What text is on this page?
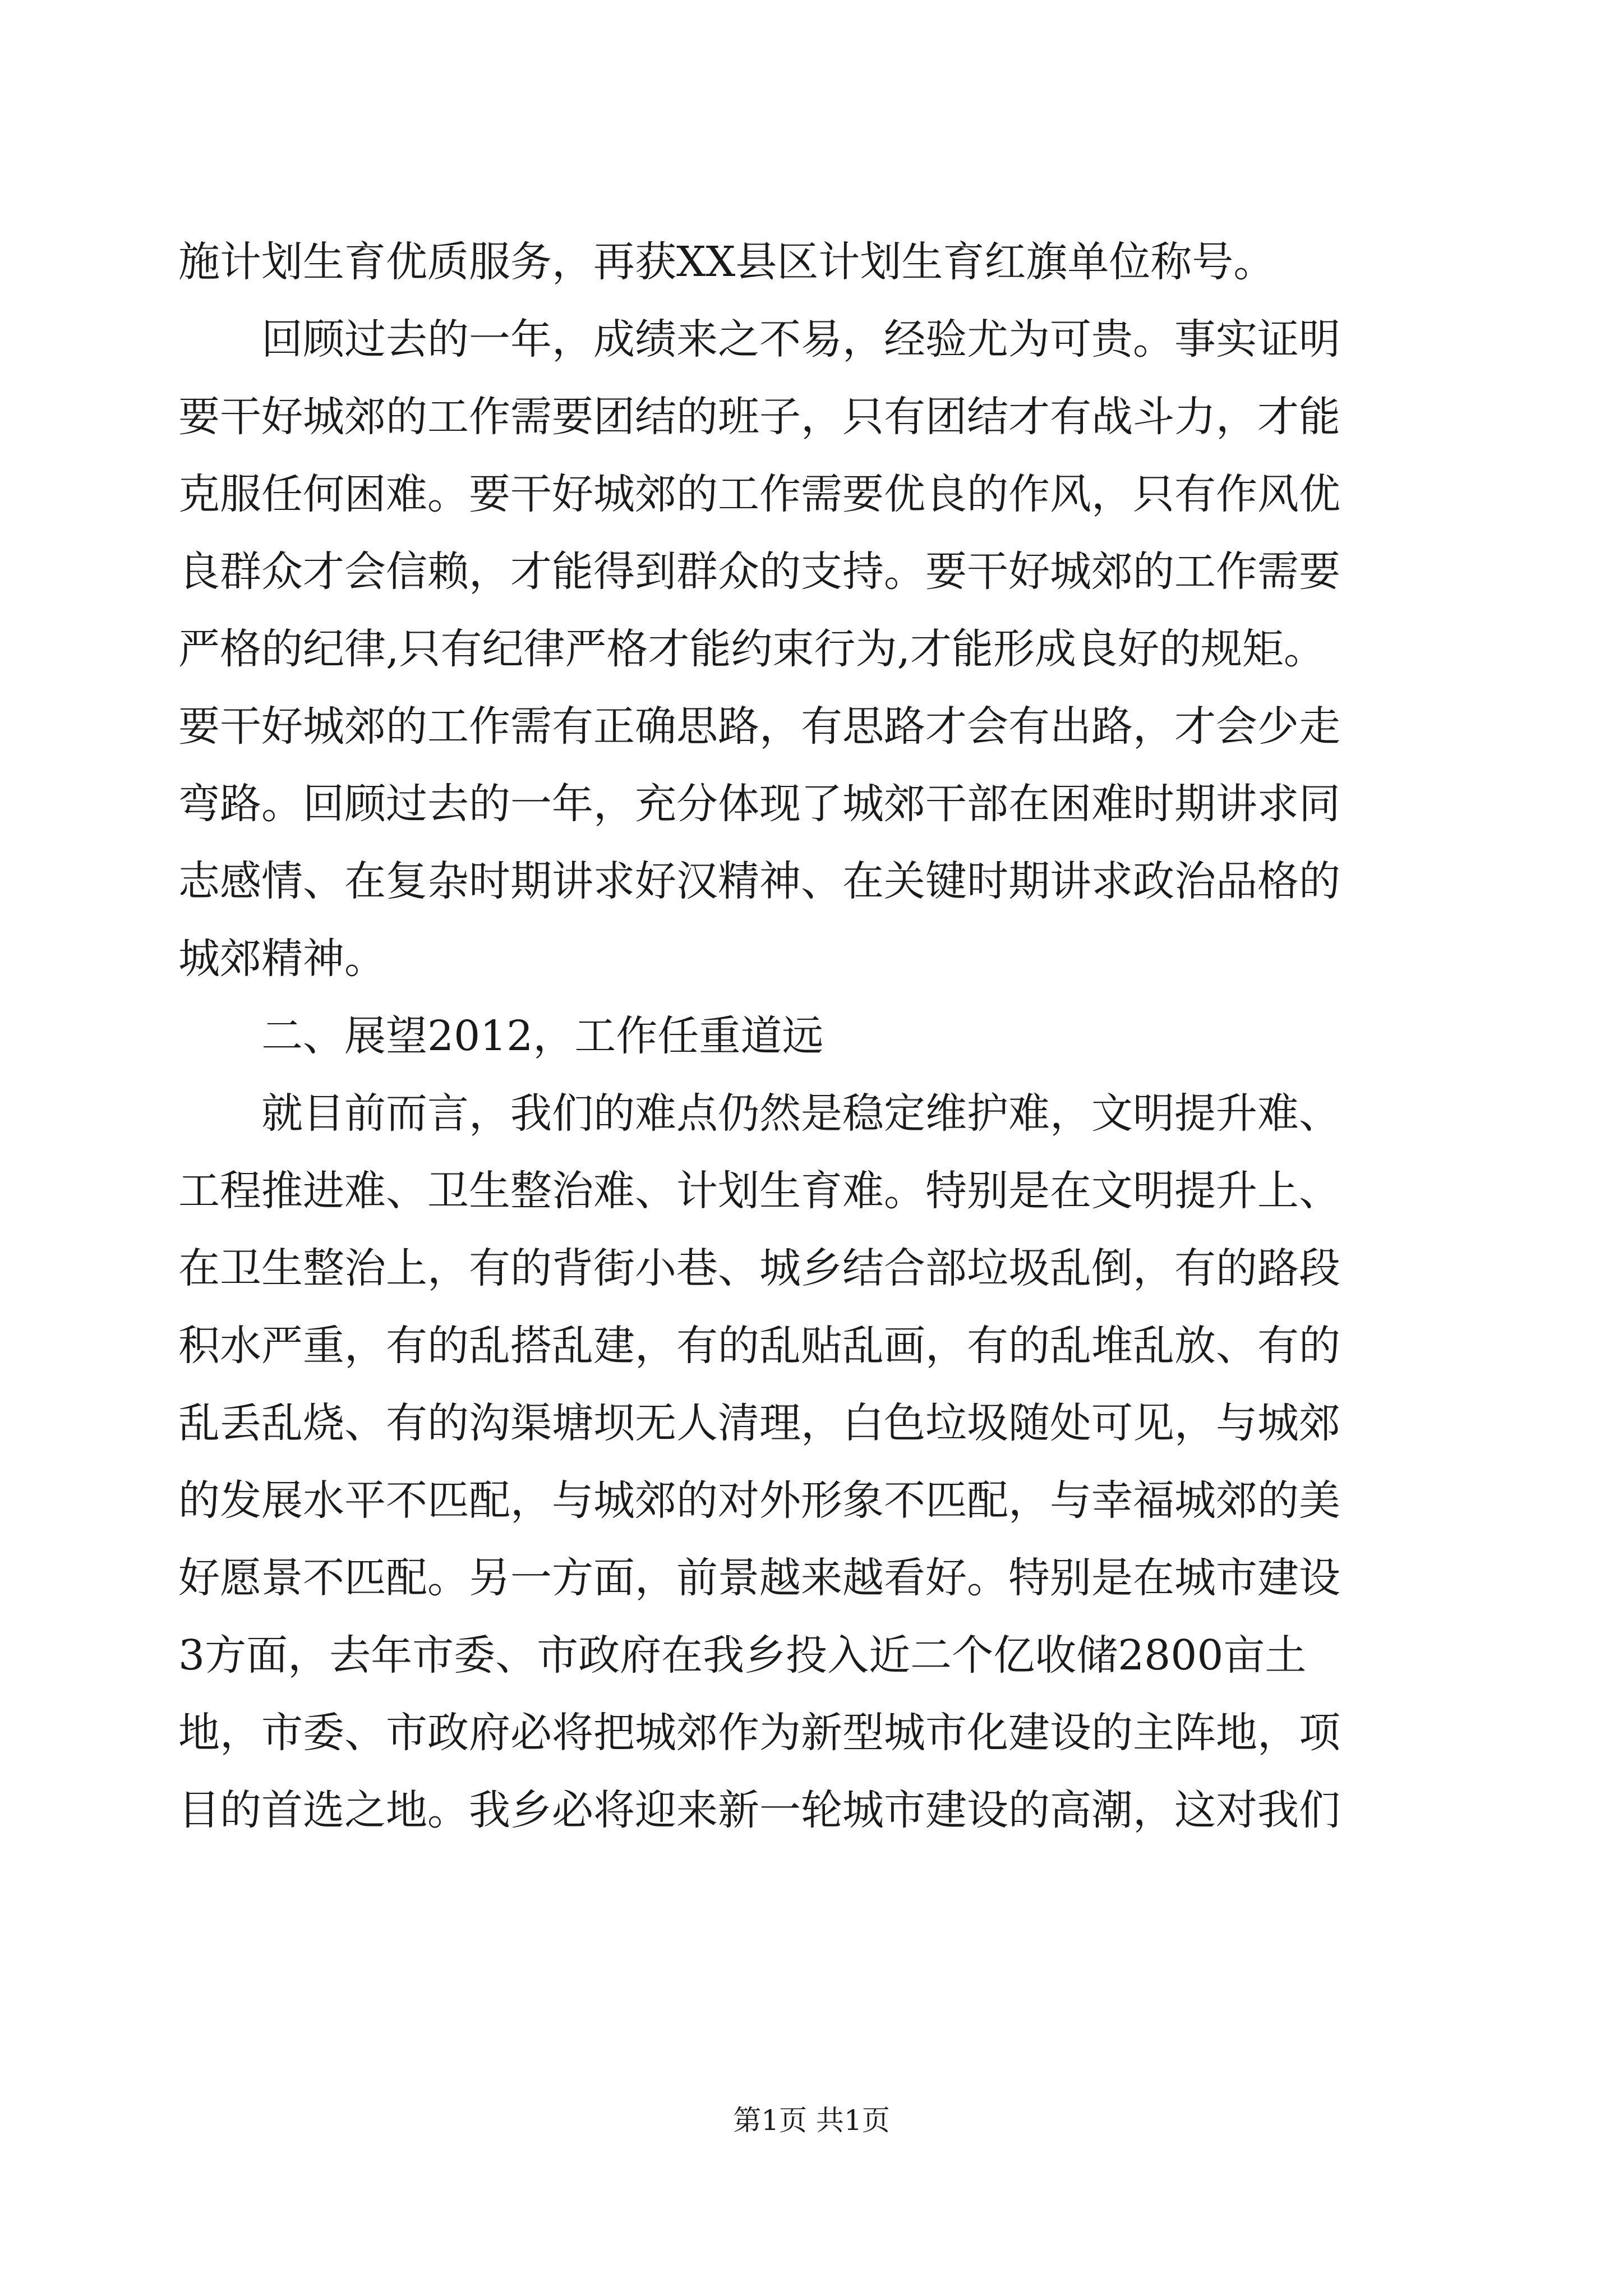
施计划生育优质服务，再获XX县区计划生育红旗单位称号。
　　回顾过去的一年，成绩来之不易，经验尤为可贵。事实证明
要干好城郊的工作需要团结的班子，只有团结才有战斗力，才能
克服任何困难。要干好城郊的工作需要优良的作风，只有作风优
良群众才会信赖，才能得到群众的支持。要干好城郊的工作需要
严格的纪律,只有纪律严格才能约束行为,才能形成良好的规矩。
要干好城郊的工作需有正确思路，有思路才会有出路，才会少走
弯路。回顾过去的一年，充分体现了城郊干部在困难时期讲求同
志感情、在复杂时期讲求好汉精神、在关键时期讲求政治品格的
城郊精神。
　　二、展望2012，工作任重道远
　　就目前而言，我们的难点仍然是稳定维护难，文明提升难、
工程推进难、卫生整治难、计划生育难。特别是在文明提升上、
在卫生整治上，有的背街小巷、城乡结合部垃圾乱倒，有的路段
积水严重，有的乱搭乱建，有的乱贴乱画，有的乱堆乱放、有的
乱丢乱烧、有的沟渠塘坝无人清理，白色垃圾随处可见，与城郊
的发展水平不匹配，与城郊的对外形象不匹配，与幸福城郊的美
好愿景不匹配。另一方面，前景越来越看好。特别是在城市建设
3方面，去年市委、市政府在我乡投入近二个亿收储2800亩土
地，市委、市政府必将把城郊作为新型城市化建设的主阵地，项
目的首选之地。我乡必将迎来新一轮城市建设的高潮，这对我们
第1页 共1页
